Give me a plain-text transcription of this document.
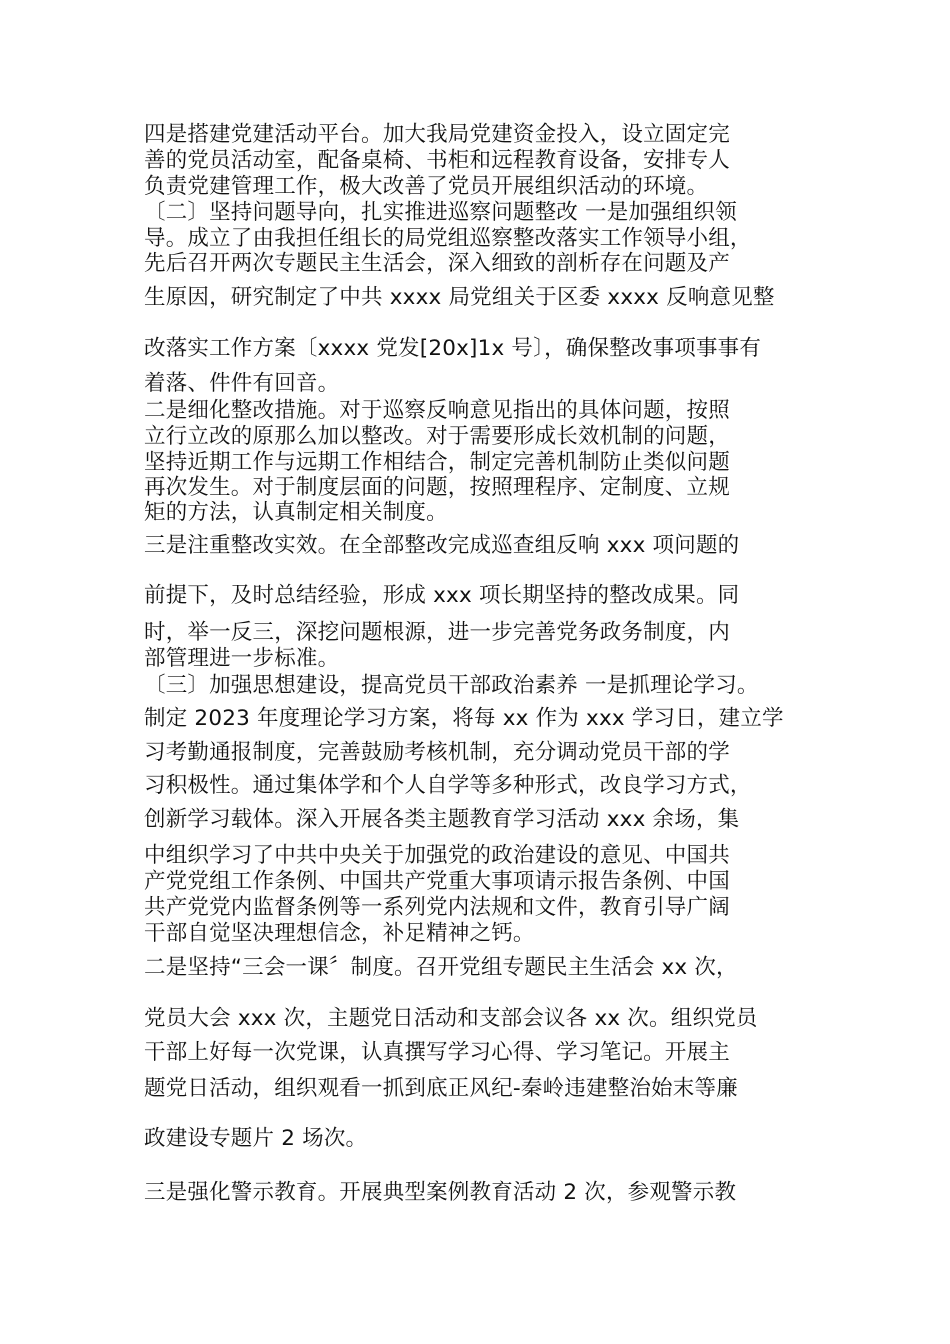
四是搭建党建活动平台。加大我局党建资金投入，设立固定完
善的党员活动室，配备桌椅、书柜和远程教育设备，安排专人
负责党建管理工作，极大改善了党员开展组织活动的环境。
〔二〕坚持问题导向，扎实推进巡察问题整改 一是加强组织领
导。成立了由我担任组长的局党组巡察整改落实工作领导小组，
先后召开两次专题民主生活会，深入细致的剖析存在问题及产
生原因，研究制定了中共 xxxx 局党组关于区委 xxxx 反响意见整
改落实工作方案〔xxxx 党发[20x]1x 号〕，确保整改事项事事有
着落、件件有回音。
二是细化整改措施。对于巡察反响意见指出的具体问题，按照
立行立改的原那么加以整改。对于需要形成长效机制的问题，
坚持近期工作与远期工作相结合，制定完善机制防止类似问题
再次发生。对于制度层面的问题，按照理程序、定制度、立规
矩的方法，认真制定相关制度。
三是注重整改实效。在全部整改完成巡查组反响 xxx 项问题的
前提下，及时总结经验，形成 xxx 项长期坚持的整改成果。同
时，举一反三，深挖问题根源，进一步完善党务政务制度，内
部管理进一步标准。
〔三〕加强思想建设，提高党员干部政治素养 一是抓理论学习。
制定 2023 年度理论学习方案，将每 xx 作为 xxx 学习日，建立学
习考勤通报制度，完善鼓励考核机制，充分调动党员干部的学
习积极性。通过集体学和个人自学等多种形式，改良学习方式，
创新学习载体。深入开展各类主题教育学习活动 xxx 余场，集
中组织学习了中共中央关于加强党的政治建设的意见、中国共
产党党组工作条例、中国共产党重大事项请示报告条例、中国
共产党党内监督条例等一系列党内法规和文件，教育引导广阔
干部自觉坚决理想信念，补足精神之钙。
二是坚持“三会一课〞制度。召开党组专题民主生活会 xx 次，
党员大会 xxx 次，主题党日活动和支部会议各 xx 次。组织党员
干部上好每一次党课，认真撰写学习心得、学习笔记。开展主
题党日活动，组织观看一抓到底正风纪-秦岭违建整治始末等廉
政建设专题片 2 场次。
三是强化警示教育。开展典型案例教育活动 2 次，参观警示教
